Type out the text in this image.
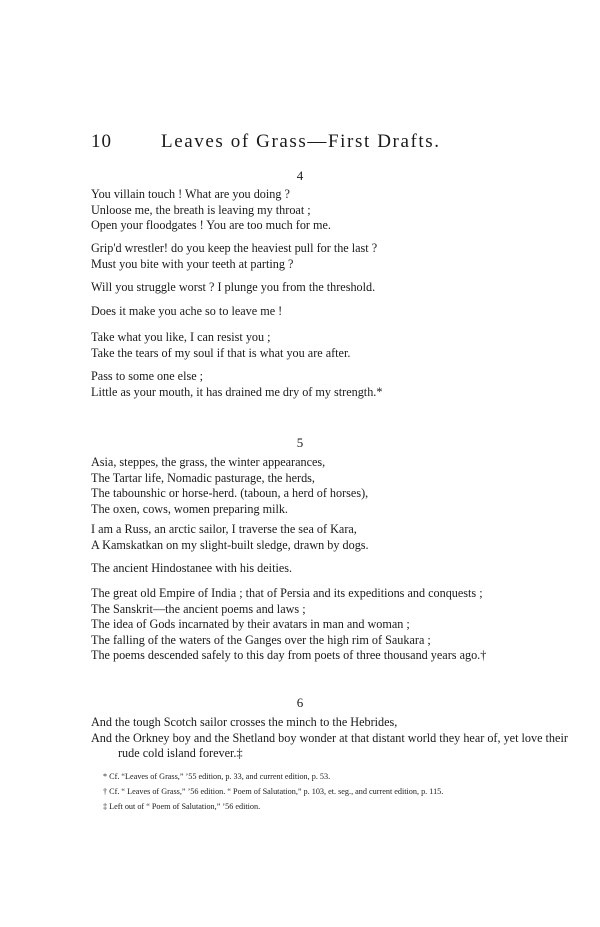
10	Leaves of Grass—First Drafts.
4
You villain touch ! What are you doing ?
Unloose me, the breath is leaving my throat ;
Open your floodgates ! You are too much for me.
Grip'd wrestler! do you keep the heaviest pull for the last ?
Must you bite with your teeth at parting ?
Will you struggle worst ? I plunge you from the threshold.
Does it make you ache so to leave me !
Take what you like, I can resist you ;
Take the tears of my soul if that is what you are after.
Pass to some one else ;
Little as your mouth, it has drained me dry of my strength.*
5
Asia, steppes, the grass, the winter appearances,
The Tartar life, Nomadic pasturage, the herds,
The tabounshic or horse-herd. (taboun, a herd of horses),
The oxen, cows, women preparing milk.
I am a Russ, an arctic sailor, I traverse the sea of Kara,
A Kamskatkan on my slight-built sledge, drawn by dogs.
The ancient Hindostanee with his deities.
The great old Empire of India ; that of Persia and its expeditions and conquests ;
The Sanskrit—the ancient poems and laws ;
The idea of Gods incarnated by their avatars in man and woman ;
The falling of the waters of the Ganges over the high rim of Saukara ;
The poems descended safely to this day from poets of three thousand years ago.†
6
And the tough Scotch sailor crosses the minch to the Hebrides,
And the Orkney boy and the Shetland boy wonder at that distant world they hear of, yet love their rude cold island forever.‡
* Cf. “Leaves of Grass,” ’55 edition, p. 33, and current edition, p. 53.
† Cf. “ Leaves of Grass,” ’56 edition. “ Poem of Salutation,” p. 103, et. seg., and current edition, p. 115.
‡ Left out of “ Poem of Salutation,” ’56 edition.
